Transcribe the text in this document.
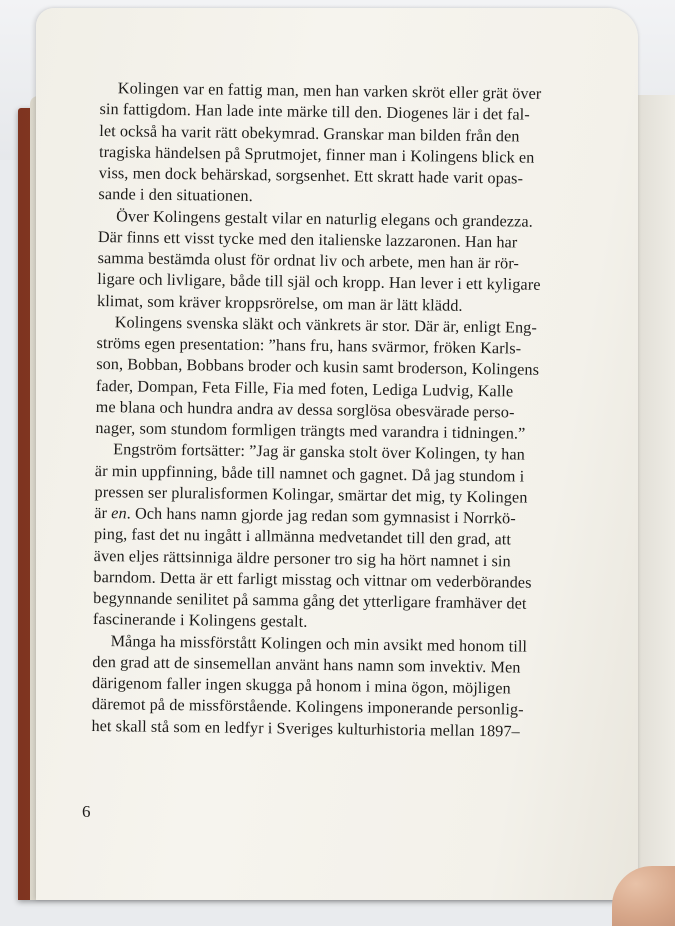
Kolingen var en fattig man, men han varken skröt eller grät över
sin fattigdom. Han lade inte märke till den. Diogenes lär i det fal-
let också ha varit rätt obekymrad. Granskar man bilden från den
tragiska händelsen på Sprutmojet, finner man i Kolingens blick en
viss, men dock behärskad, sorgsenhet. Ett skratt hade varit opas-
sande i den situationen.
Över Kolingens gestalt vilar en naturlig elegans och grandezza.
Där finns ett visst tycke med den italienske lazzaronen. Han har
samma bestämda olust för ordnat liv och arbete, men han är rör-
ligare och livligare, både till själ och kropp. Han lever i ett kyligare
klimat, som kräver kroppsrörelse, om man är lätt klädd.
Kolingens svenska släkt och vänkrets är stor. Där är, enligt Eng-
ströms egen presentation: ”hans fru, hans svärmor, fröken Karls-
son, Bobban, Bobbans broder och kusin samt broderson, Kolingens
fader, Dompan, Feta Fille, Fia med foten, Lediga Ludvig, Kalle
me blana och hundra andra av dessa sorglösa obesvärade perso-
nager, som stundom formligen trängts med varandra i tidningen.”
Engström fortsätter: ”Jag är ganska stolt över Kolingen, ty han
är min uppfinning, både till namnet och gagnet. Då jag stundom i
pressen ser pluralisformen Kolingar, smärtar det mig, ty Kolingen
är en. Och hans namn gjorde jag redan som gymnasist i Norrkö-
ping, fast det nu ingått i allmänna medvetandet till den grad, att
även eljes rättsinniga äldre personer tro sig ha hört namnet i sin
barndom. Detta är ett farligt misstag och vittnar om vederbörandes
begynnande senilitet på samma gång det ytterligare framhäver det
fascinerande i Kolingens gestalt.
Många ha missförstått Kolingen och min avsikt med honom till
den grad att de sinsemellan använt hans namn som invektiv. Men
därigenom faller ingen skugga på honom i mina ögon, möjligen
däremot på de missförstående. Kolingens imponerande personlig-
het skall stå som en ledfyr i Sveriges kulturhistoria mellan 1897–
6
